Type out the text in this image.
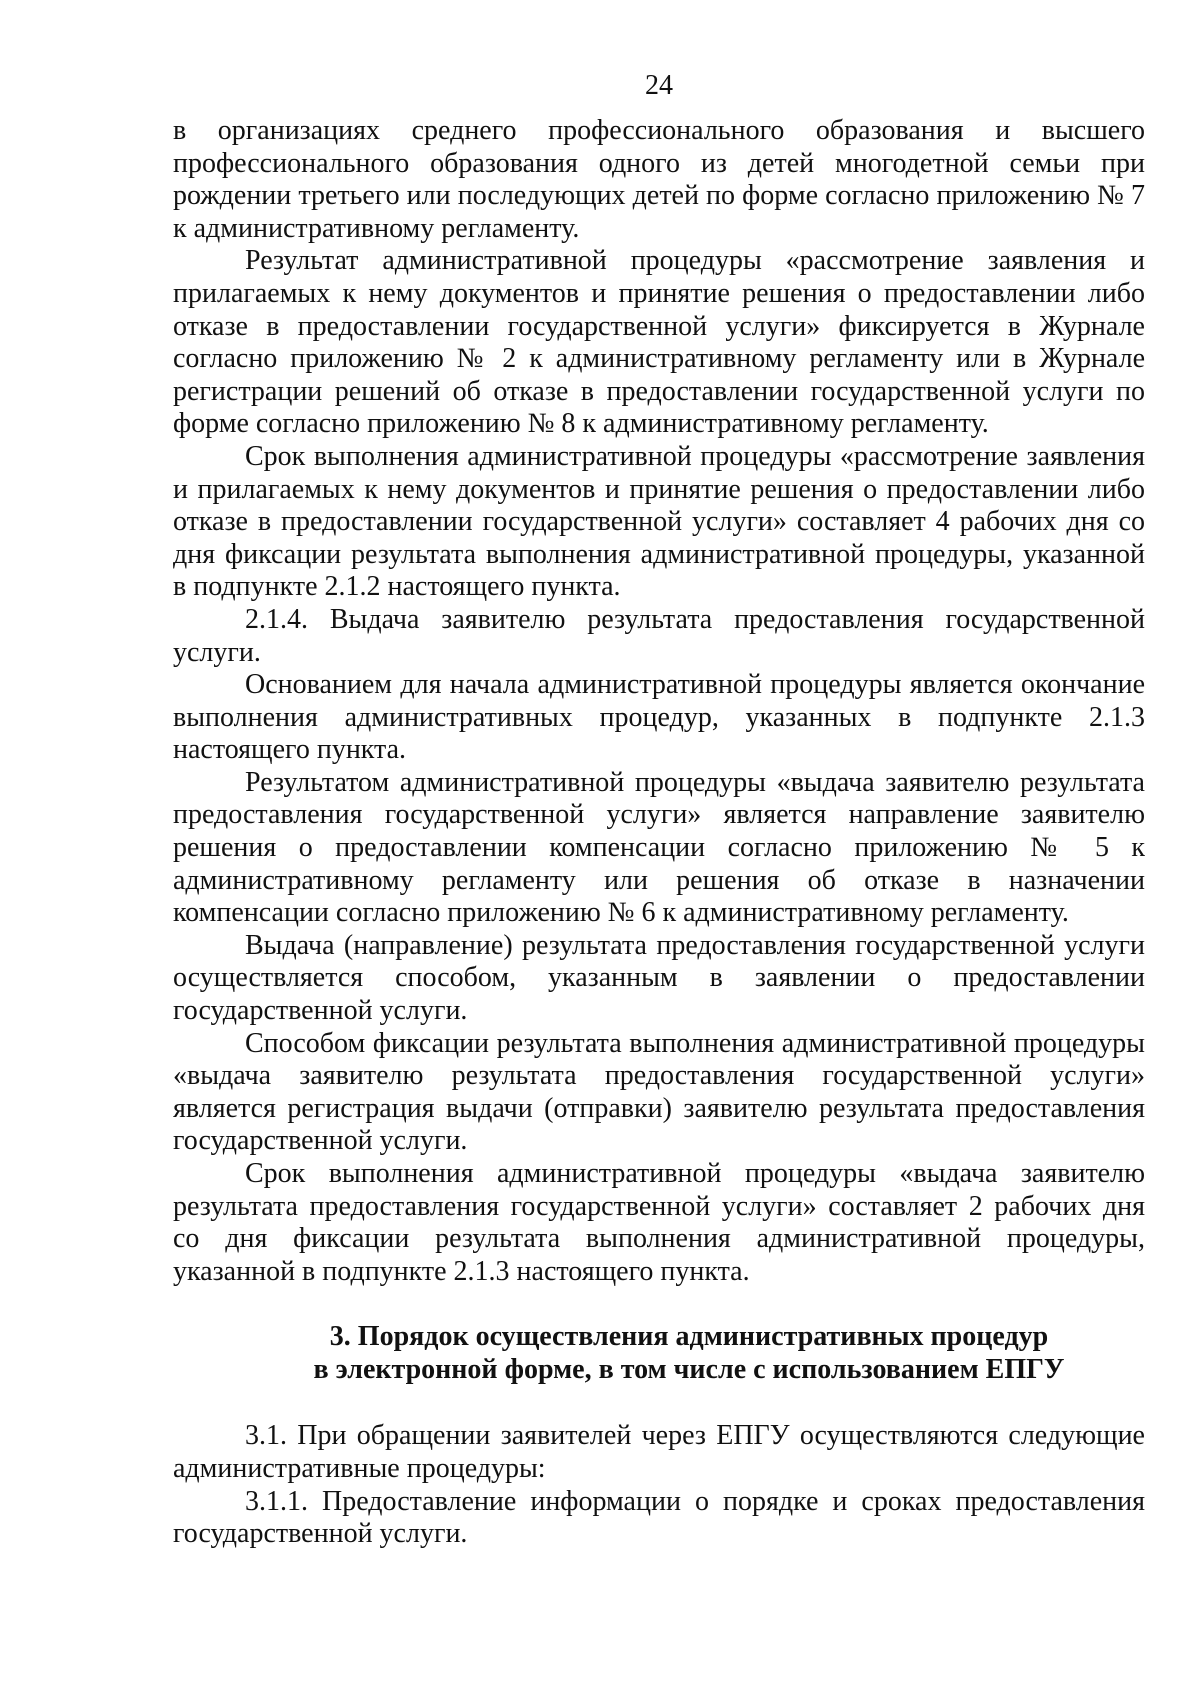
24

в организациях среднего профессионального образования и высшего профессионального образования одного из детей многодетной семьи при рождении третьего или последующих детей по форме согласно приложению № 7 к административному регламенту.

Результат административной процедуры «рассмотрение заявления и прилагаемых к нему документов и принятие решения о предоставлении либо отказе в предоставлении государственной услуги» фиксируется в Журнале согласно приложению № 2 к административному регламенту или в Журнале регистрации решений об отказе в предоставлении государственной услуги по форме согласно приложению № 8 к административному регламенту.

Срок выполнения административной процедуры «рассмотрение заявления и прилагаемых к нему документов и принятие решения о предоставлении либо отказе в предоставлении государственной услуги» составляет 4 рабочих дня со дня фиксации результата выполнения административной процедуры, указанной в подпункте 2.1.2 настоящего пункта.

2.1.4. Выдача заявителю результата предоставления государственной услуги.

Основанием для начала административной процедуры является окончание выполнения административных процедур, указанных в подпункте 2.1.3 настоящего пункта.

Результатом административной процедуры «выдача заявителю результата предоставления государственной услуги» является направление заявителю решения о предоставлении компенсации согласно приложению № 5 к административному регламенту или решения об отказе в назначении компенсации согласно приложению № 6 к административному регламенту.

Выдача (направление) результата предоставления государственной услуги осуществляется способом, указанным в заявлении о предоставлении государственной услуги.

Способом фиксации результата выполнения административной процедуры «выдача заявителю результата предоставления государственной услуги» является регистрация выдачи (отправки) заявителю результата предоставления государственной услуги.

Срок выполнения административной процедуры «выдача заявителю результата предоставления государственной услуги» составляет 2 рабочих дня со дня фиксации результата выполнения административной процедуры, указанной в подпункте 2.1.3 настоящего пункта.

3. Порядок осуществления административных процедур
в электронной форме, в том числе с использованием ЕПГУ

3.1. При обращении заявителей через ЕПГУ осуществляются следующие административные процедуры:

3.1.1. Предоставление информации о порядке и сроках предоставления государственной услуги.
